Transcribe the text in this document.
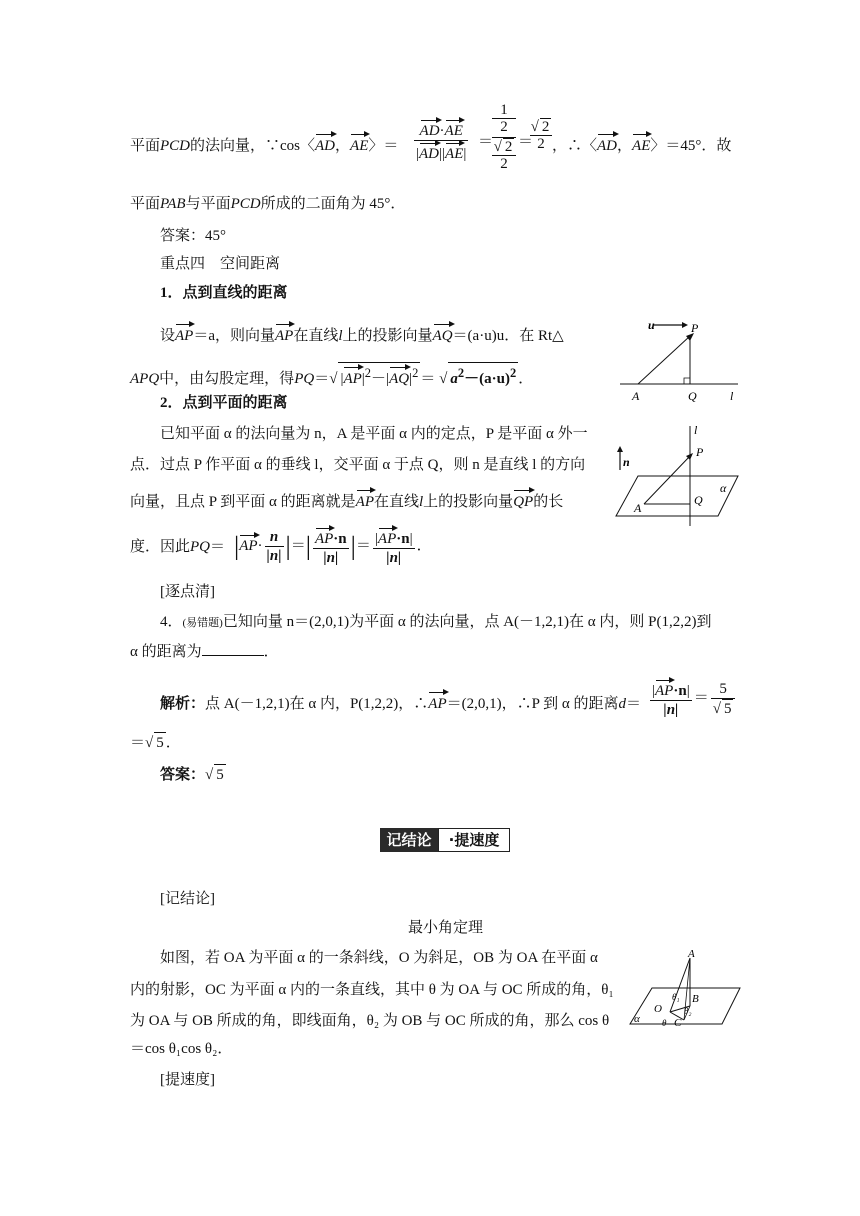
平面PCD的法向量，∵cos〈AD，AE〉＝ $\frac{AD\cdot AE}{|AD||AE|}$ ＝
1
2
√ 2
2
＝
√ 2
2 ，∴〈AD，AE〉＝45°．故
平面PAB与平面PCD所成的二面角为 45°．
答案：45°
重点四　空间距离
1．点到直线的距离
设AP＝a，则向量AP在直线l上的投影向量AQ＝(a·u)u．在 Rt△
APQ中，由勾股定理，得PQ＝√ $|AP|^2-|AQ|^2$ ＝ √ $a^2-(a\cdot u)^2$ ．
2．点到平面的距离
已知平面 α 的法向量为 n，A 是平面 α 内的定点，P 是平面 α 外一
点．过点 P 作平面 α 的垂线 l，交平面 α 于点 Q，则 n 是直线 l 的方向
向量，且点 P 到平面 α 的距离就是AP在直线l上的投影向量QP的长
度．因此$PQ= |AP\cdot \frac{n}{|n|}$ |＝| $\frac{AP\cdot n}{|n|}$ |＝ $\frac{|AP\cdot n|}{|n|}$ ．
[逐点清]
4．(易错题)已知向量 n＝(2,0,1)为平面 α 的法向量，点 A(－1,2,1)在 α 内，则 P(1,2,2)到
α 的距离为	．
解析：点 A(－1,2,1)在 α 内，P(1,2,2)，∴AP＝(2,0,1)，∴P 到 α 的距离$d= \frac{|AP\cdot n|}{|n|} = \frac{5}{√ 5}$
＝√ 5 ．
答案：√ 5
记结论	·提速度
[记结论]
最小角定理
如图，若 OA 为平面 α 的一条斜线，O 为斜足，OB 为 OA 在平面 α
内的射影，OC 为平面 α 内的一条直线，其中 θ 为 OA 与 OC 所成的角，θ₁
为 OA 与 OB 所成的角，即线面角，θ₂ 为 OB 与 OC 所成的角，那么 cos θ
＝cos θ₁cos θ₂．
[提速度]
u	P
A	Q	l
l
n
P
α
Q
A
A
O
θ₁ B
α θ C
θ₂
